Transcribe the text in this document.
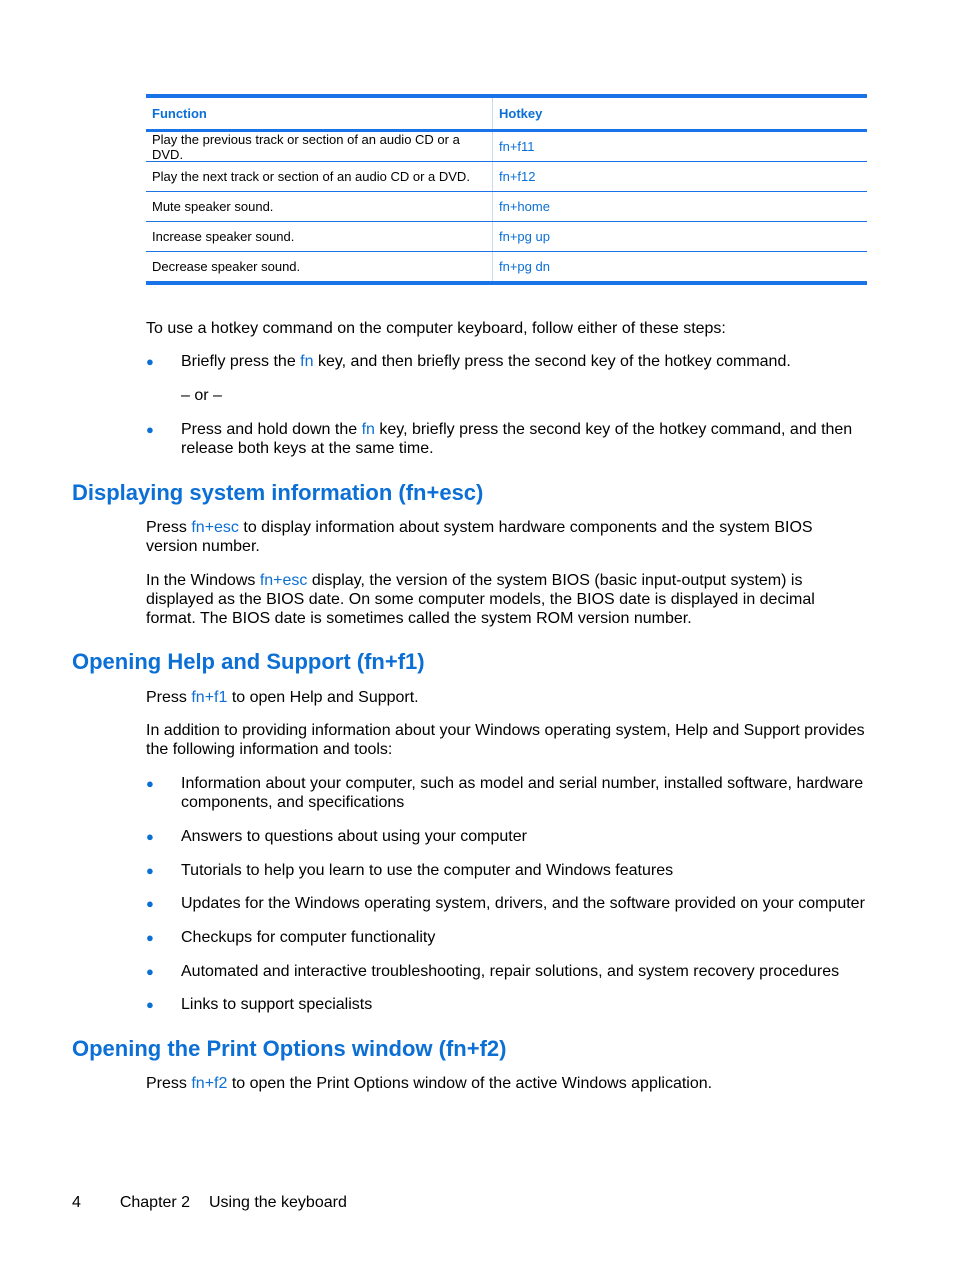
Function	Hotkey
Play the previous track or section of an audio CD or a DVD.	fn+f11
Play the next track or section of an audio CD or a DVD.	fn+f12
Mute speaker sound.	fn+home
Increase speaker sound.	fn+pg up
Decrease speaker sound.	fn+pg dn
To use a hotkey command on the computer keyboard, follow either of these steps:
● Briefly press the fn key, and then briefly press the second key of the hotkey command.
– or –
● Press and hold down the fn key, briefly press the second key of the hotkey command, and then release both keys at the same time.
Displaying system information (fn+esc)
Press fn+esc to display information about system hardware components and the system BIOS version number.
In the Windows fn+esc display, the version of the system BIOS (basic input-output system) is displayed as the BIOS date. On some computer models, the BIOS date is displayed in decimal format. The BIOS date is sometimes called the system ROM version number.
Opening Help and Support (fn+f1)
Press fn+f1 to open Help and Support.
In addition to providing information about your Windows operating system, Help and Support provides the following information and tools:
● Information about your computer, such as model and serial number, installed software, hardware components, and specifications
● Answers to questions about using your computer
● Tutorials to help you learn to use the computer and Windows features
● Updates for the Windows operating system, drivers, and the software provided on your computer
● Checkups for computer functionality
● Automated and interactive troubleshooting, repair solutions, and system recovery procedures
● Links to support specialists
Opening the Print Options window (fn+f2)
Press fn+f2 to open the Print Options window of the active Windows application.
4 Chapter 2 Using the keyboard
